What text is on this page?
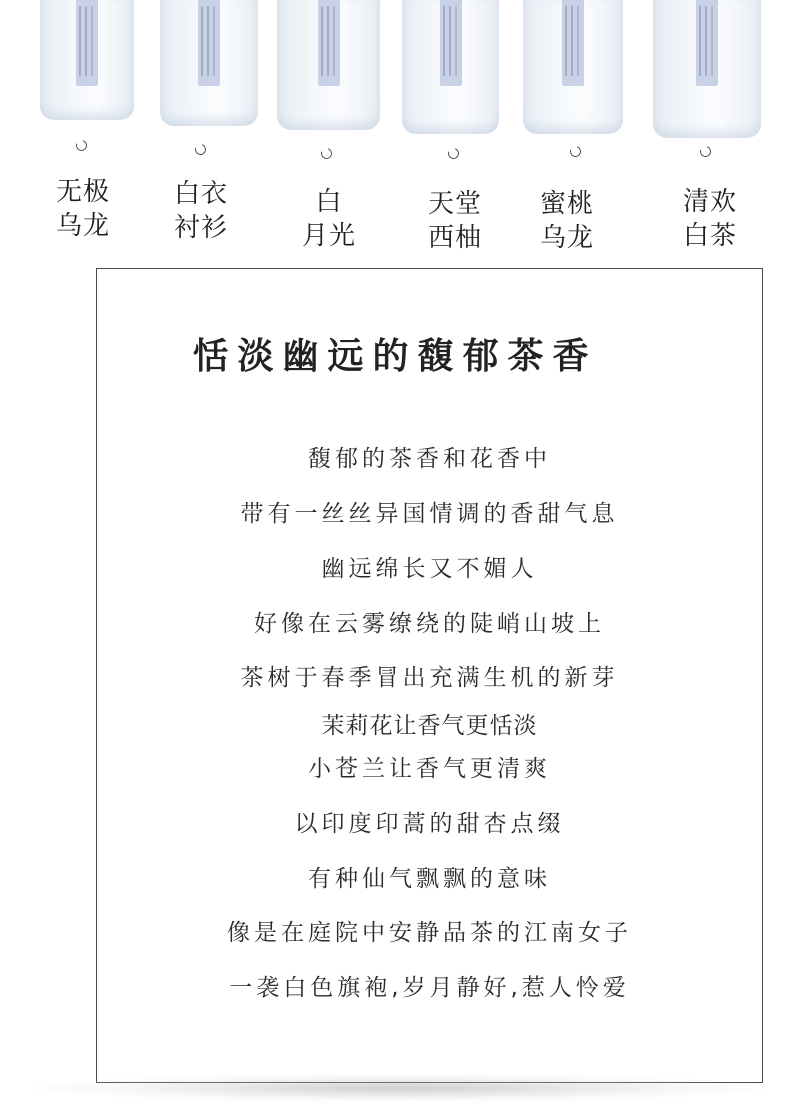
无极
乌龙
白衣
衬衫
白
月光
天堂
西柚
蜜桃
乌龙
清欢
白茶
恬淡幽远的馥郁茶香
馥郁的茶香和花香中
带有一丝丝异国情调的香甜气息
幽远绵长又不媚人
好像在云雾缭绕的陡峭山坡上
茶树于春季冒出充满生机的新芽
茉莉花让香气更恬淡
小苍兰让香气更清爽
以印度印蒿的甜杏点缀
有种仙气飘飘的意味
像是在庭院中安静品茶的江南女子
一袭白色旗袍,岁月静好,惹人怜爱
